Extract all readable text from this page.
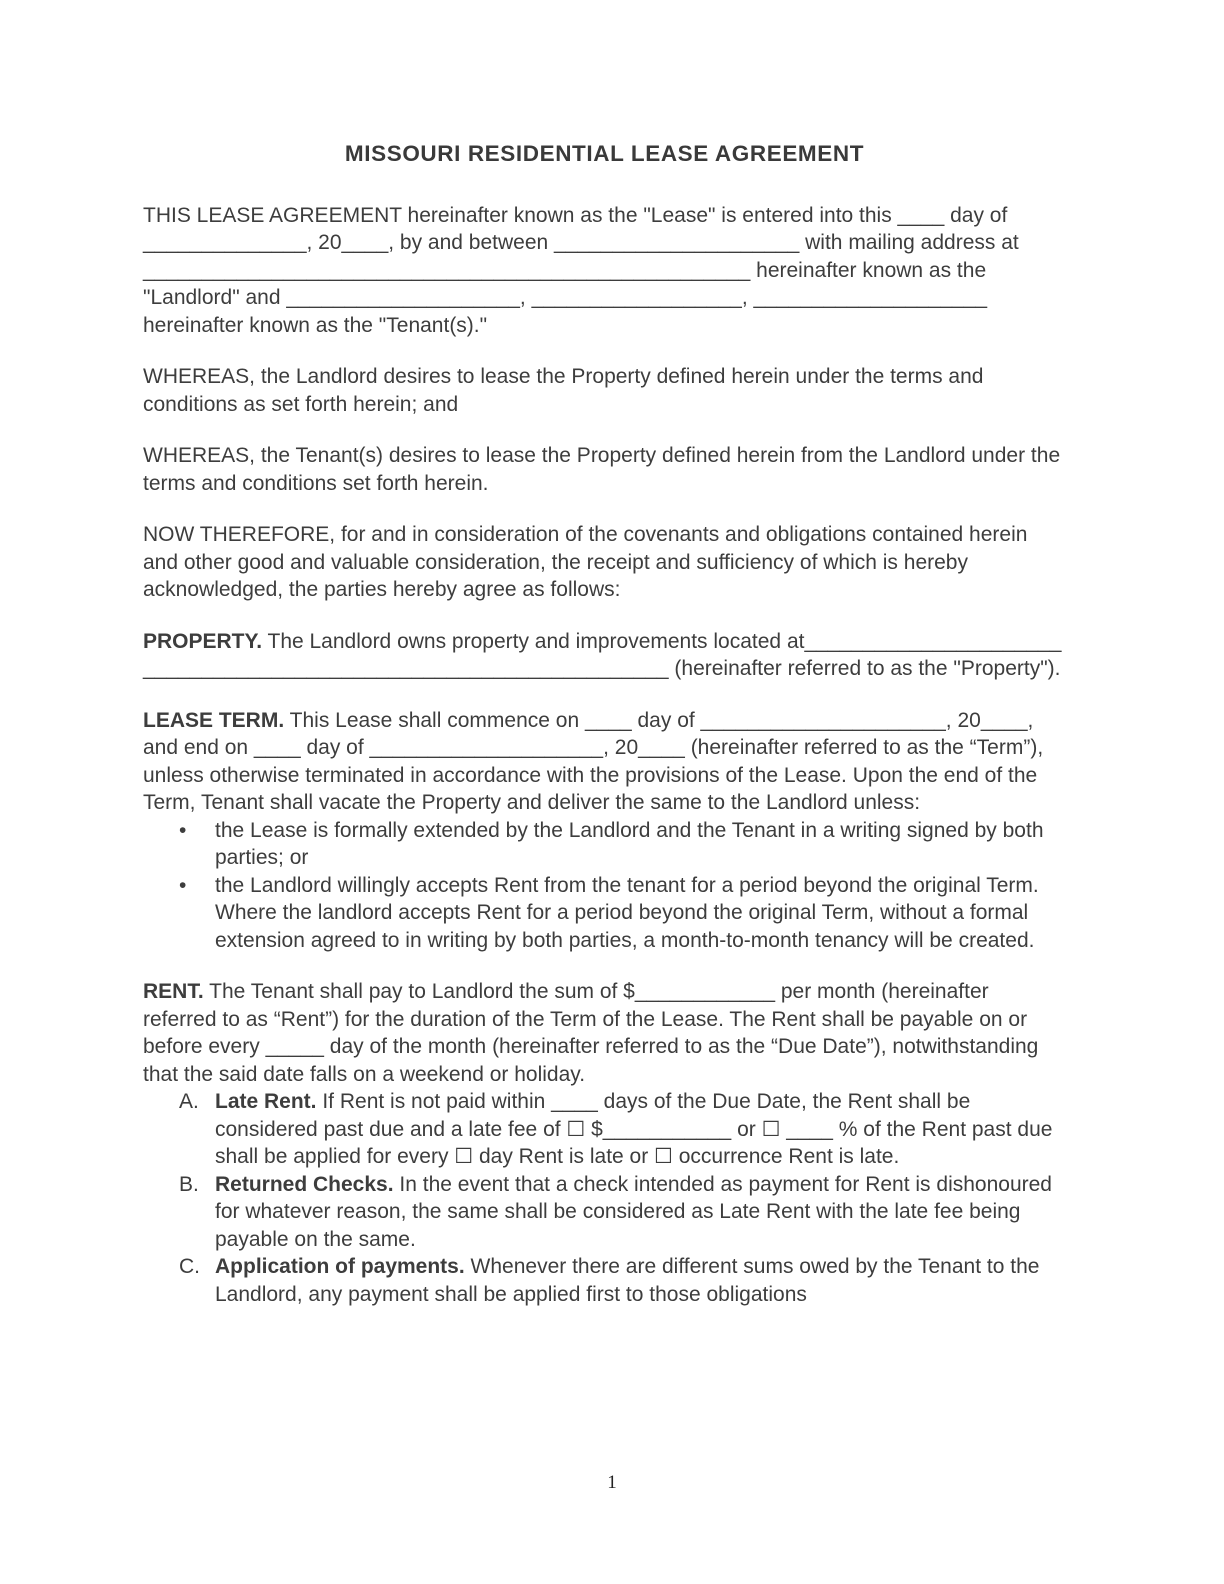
MISSOURI RESIDENTIAL LEASE AGREEMENT

THIS LEASE AGREEMENT hereinafter known as the "Lease" is entered into this ____ day of ______________, 20____, by and between _____________________ with mailing address at ____________________________________________________ hereinafter known as the "Landlord" and ____________________, __________________, ____________________ hereinafter known as the "Tenant(s)."

WHEREAS, the Landlord desires to lease the Property defined herein under the terms and conditions as set forth herein; and

WHEREAS, the Tenant(s) desires to lease the Property defined herein from the Landlord under the terms and conditions set forth herein.

NOW THEREFORE, for and in consideration of the covenants and obligations contained herein and other good and valuable consideration, the receipt and sufficiency of which is hereby acknowledged, the parties hereby agree as follows:

PROPERTY. The Landlord owns property and improvements located at______________________ _____________________________________________ (hereinafter referred to as the "Property").

LEASE TERM. This Lease shall commence on ____ day of _____________________, 20____, and end on ____ day of ____________________, 20____ (hereinafter referred to as the “Term”), unless otherwise terminated in accordance with the provisions of the Lease. Upon the end of the Term, Tenant shall vacate the Property and deliver the same to the Landlord unless:

•	the Lease is formally extended by the Landlord and the Tenant in a writing signed by both parties; or
•	the Landlord willingly accepts Rent from the tenant for a period beyond the original Term. Where the landlord accepts Rent for a period beyond the original Term, without a formal extension agreed to in writing by both parties, a month-to-month tenancy will be created.

RENT. The Tenant shall pay to Landlord the sum of $____________ per month (hereinafter referred to as “Rent”) for the duration of the Term of the Lease. The Rent shall be payable on or before every _____ day of the month (hereinafter referred to as the “Due Date”), notwithstanding that the said date falls on a weekend or holiday.

A. Late Rent. If Rent is not paid within ____ days of the Due Date, the Rent shall be considered past due and a late fee of ☐ $___________ or ☐ ____ % of the Rent past due shall be applied for every ☐ day Rent is late or ☐ occurrence Rent is late.
B. Returned Checks. In the event that a check intended as payment for Rent is dishonoured for whatever reason, the same shall be considered as Late Rent with the late fee being payable on the same.
C. Application of payments. Whenever there are different sums owed by the Tenant to the Landlord, any payment shall be applied first to those obligations
1
